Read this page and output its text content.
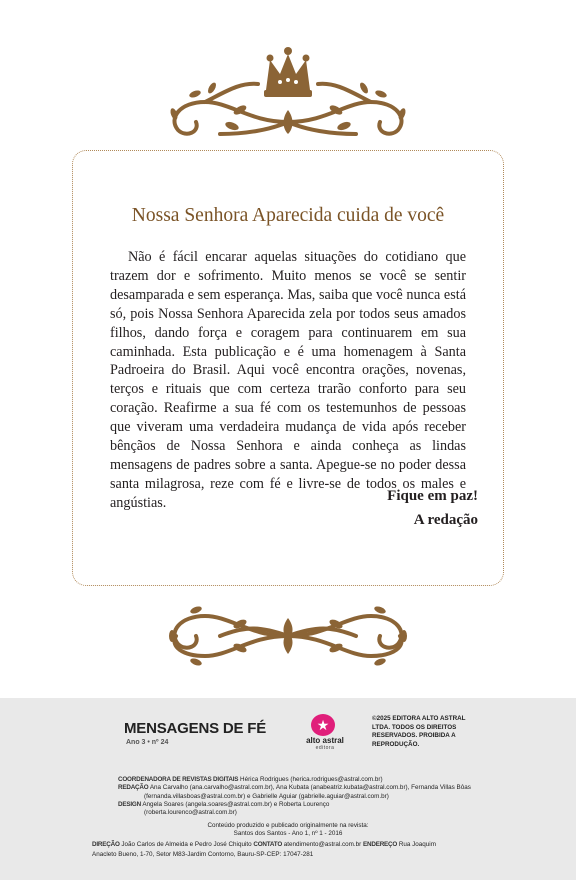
Nossa Senhora Aparecida cuida de você

Não é fácil encarar aquelas situações do cotidiano que trazem dor e sofrimento. Muito menos se você se sentir desamparada e sem esperança. Mas, saiba que você nunca está só, pois Nossa Senhora Aparecida zela por todos seus amados filhos, dando força e coragem para continuarem em sua caminhada. Esta publicação e é uma homenagem à Santa Padroeira do Brasil. Aqui você encontra orações, novenas, terços e rituais que com certeza trarão conforto para seu coração. Reafirme a sua fé com os testemunhos de pessoas que viveram uma verdadeira mudança de vida após receber bênçãos de Nossa Senhora e ainda conheça as lindas mensagens de padres sobre a santa. Apegue-se no poder dessa santa milagrosa, reze com fé e livre-se de todos os males e angústias.	Fique em paz!
A redação
MENSAGENS DE FÉ
Ano 3 • nº 24
★
alto astral
editora
©2025 EDITORA ALTO ASTRAL LTDA. TODOS OS DIREITOS RESERVADOS. PROIBIDA A REPRODUÇÃO.
COORDENADORA DE REVISTAS DIGITAIS Hérica Rodrigues (herica.rodrigues@astral.com.br)
REDAÇÃO Ana Carvalho (ana.carvalho@astral.com.br), Ana Kubata (anabeatriz.kubata@astral.com.br), Fernanda Villas Bôas
(fernanda.villasboas@astral.com.br) e Gabrielle Aguiar (gabrielle.aguiar@astral.com.br)
DESIGN Angela Soares (angela.soares@astral.com.br) e Roberta Lourenço
(roberta.lourenco@astral.com.br)
Conteúdo produzido e publicado originalmente na revista:
Santos dos Santos - Ano 1, nº 1 - 2016
DIREÇÃO João Carlos de Almeida e Pedro José Chiquito CONTATO atendimento@astral.com.br ENDEREÇO Rua Joaquim
Anacleto Bueno, 1-70, Setor M83-Jardim Contorno, Bauru-SP-CEP: 17047-281
